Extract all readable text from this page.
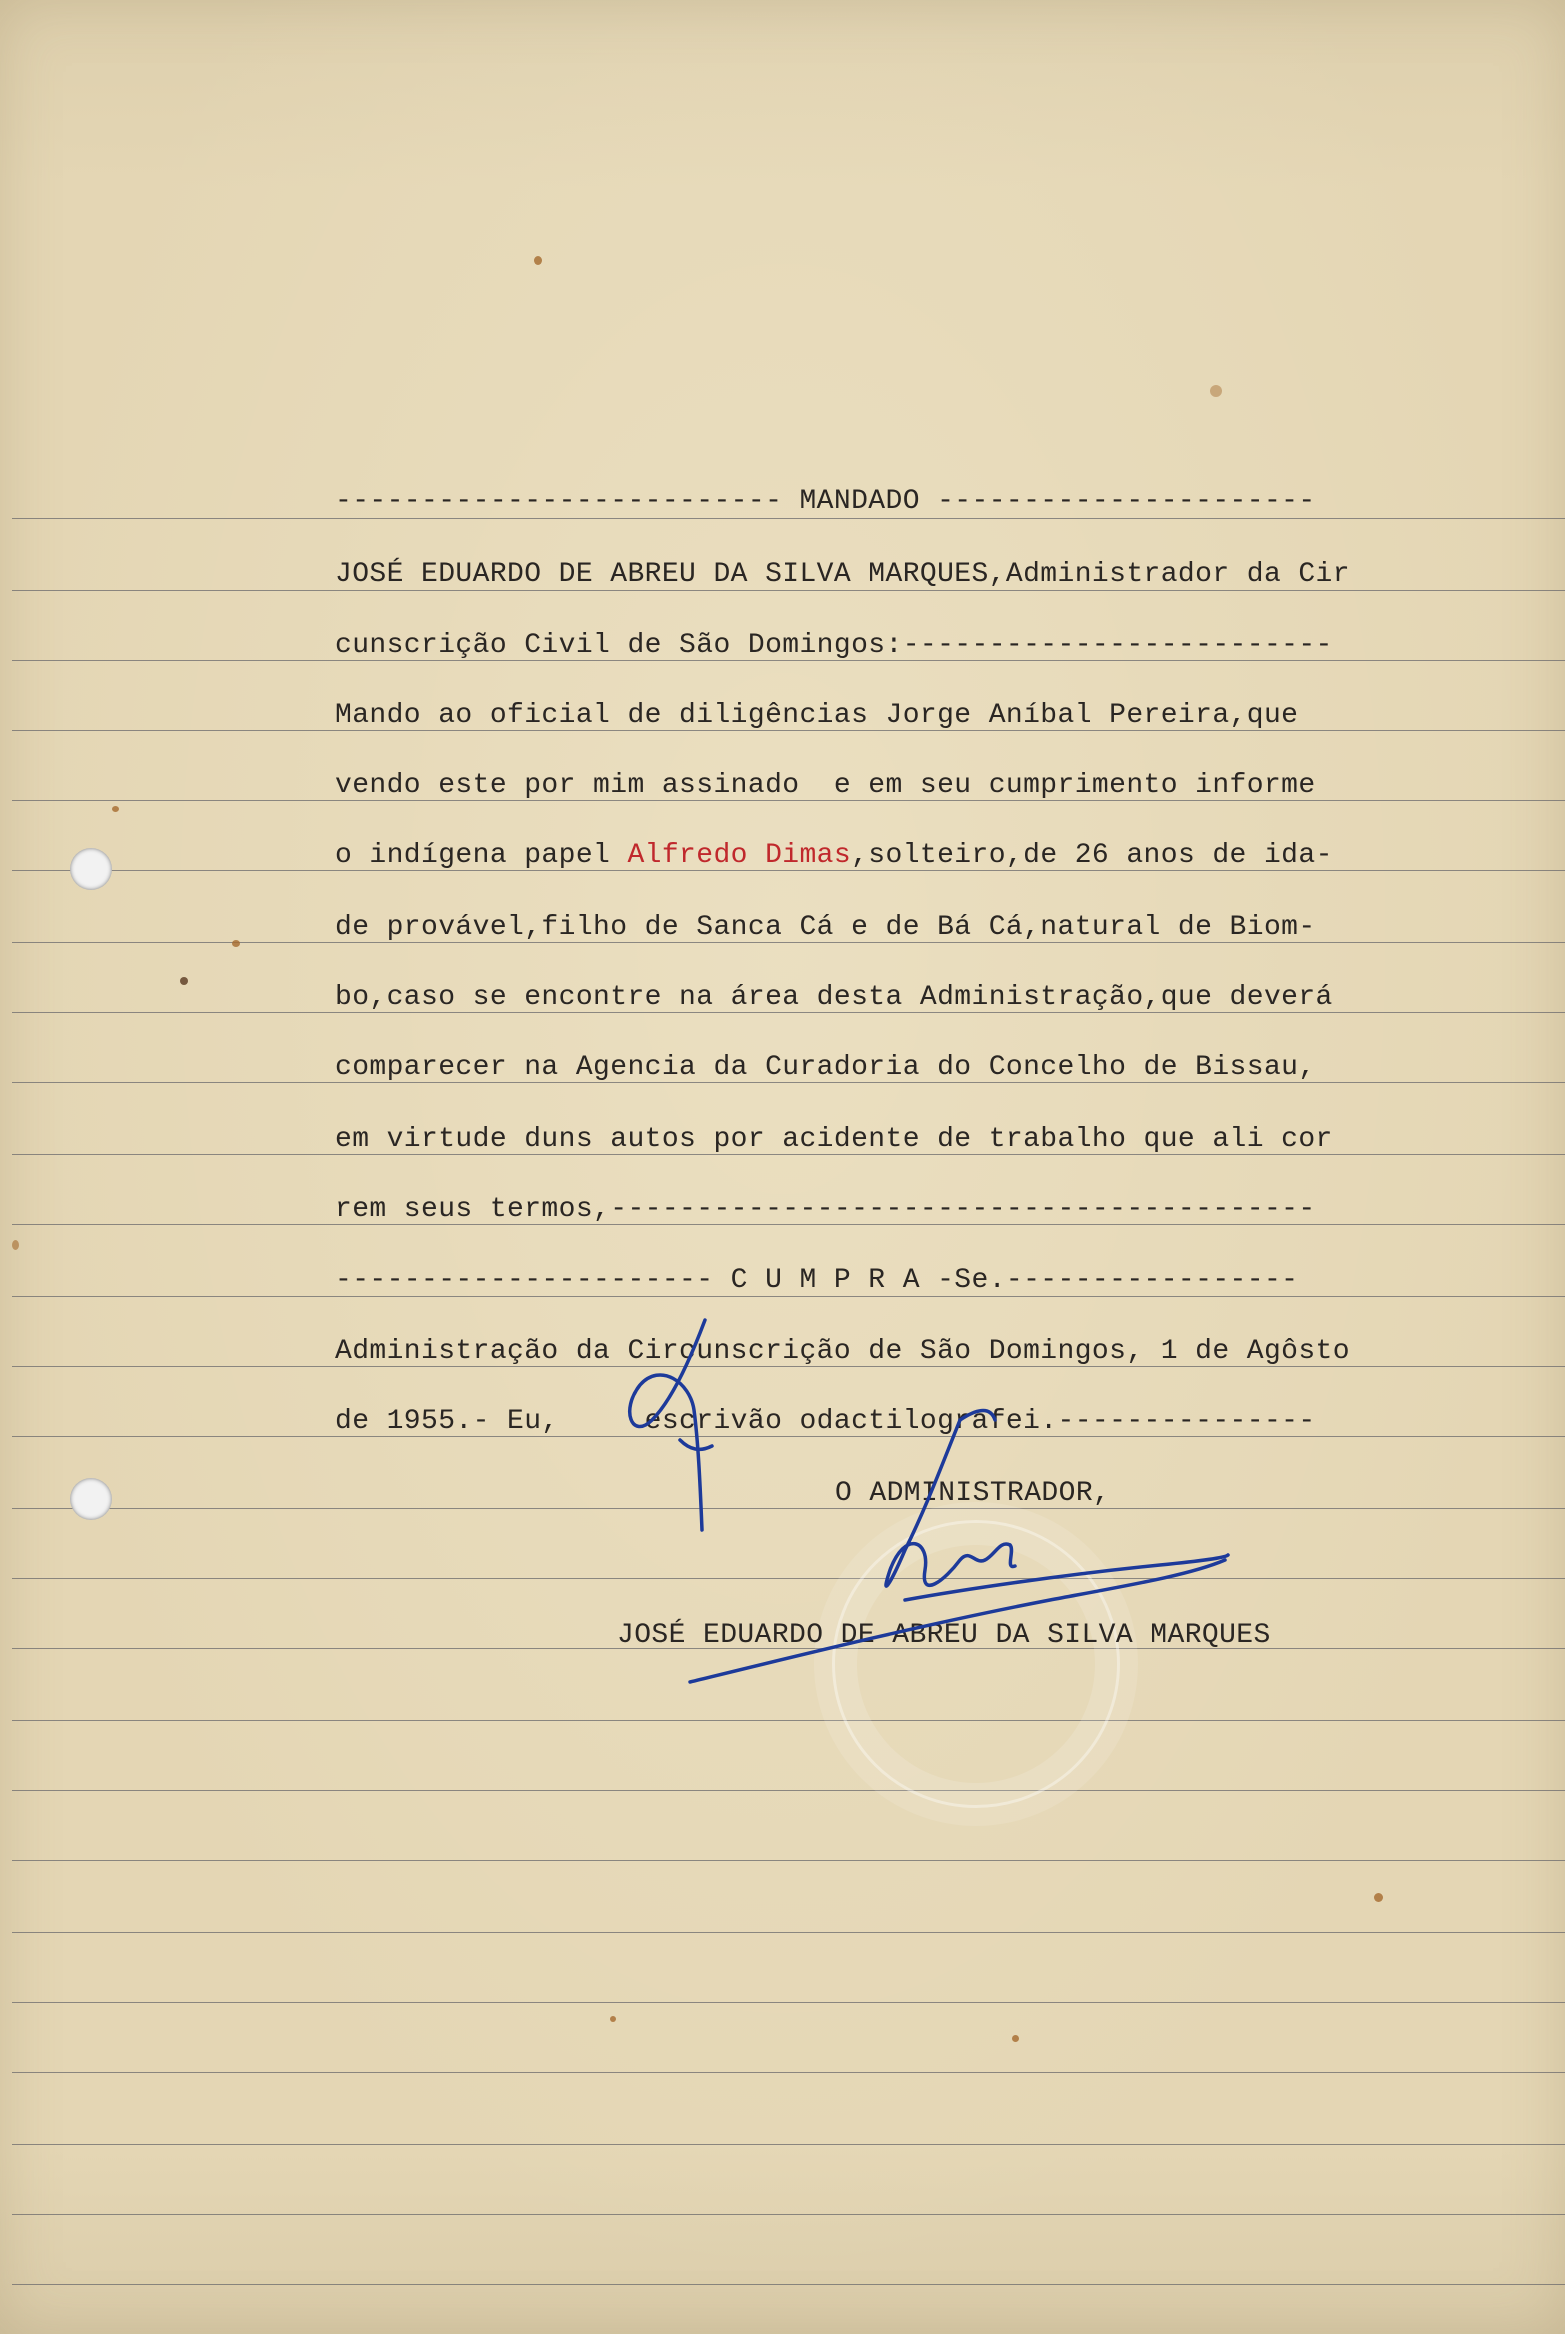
-------------------------- MANDADO ----------------------
JOSÉ EDUARDO DE ABREU DA SILVA MARQUES,Administrador da Cir
cunscrição Civil de São Domingos:-------------------------
Mando ao oficial de diligências Jorge Aníbal Pereira,que
vendo este por mim assinado  e em seu cumprimento informe
o indígena papel Alfredo Dimas,solteiro,de 26 anos de ida-
de provável,filho de Sanca Cá e de Bá Cá,natural de Biom-
bo,caso se encontre na área desta Administração,que deverá
comparecer na Agencia da Curadoria do Concelho de Bissau,
em virtude duns autos por acidente de trabalho que ali cor
rem seus termos,-----------------------------------------
---------------------- C U M P R A -Se.-----------------
Administração da Circunscrição de São Domingos, 1 de Agôsto
de 1955.- Eu,     escrivão odactilografei.---------------
O ADMINISTRADOR,
JOSÉ EDUARDO DE ABREU DA SILVA MARQUES
